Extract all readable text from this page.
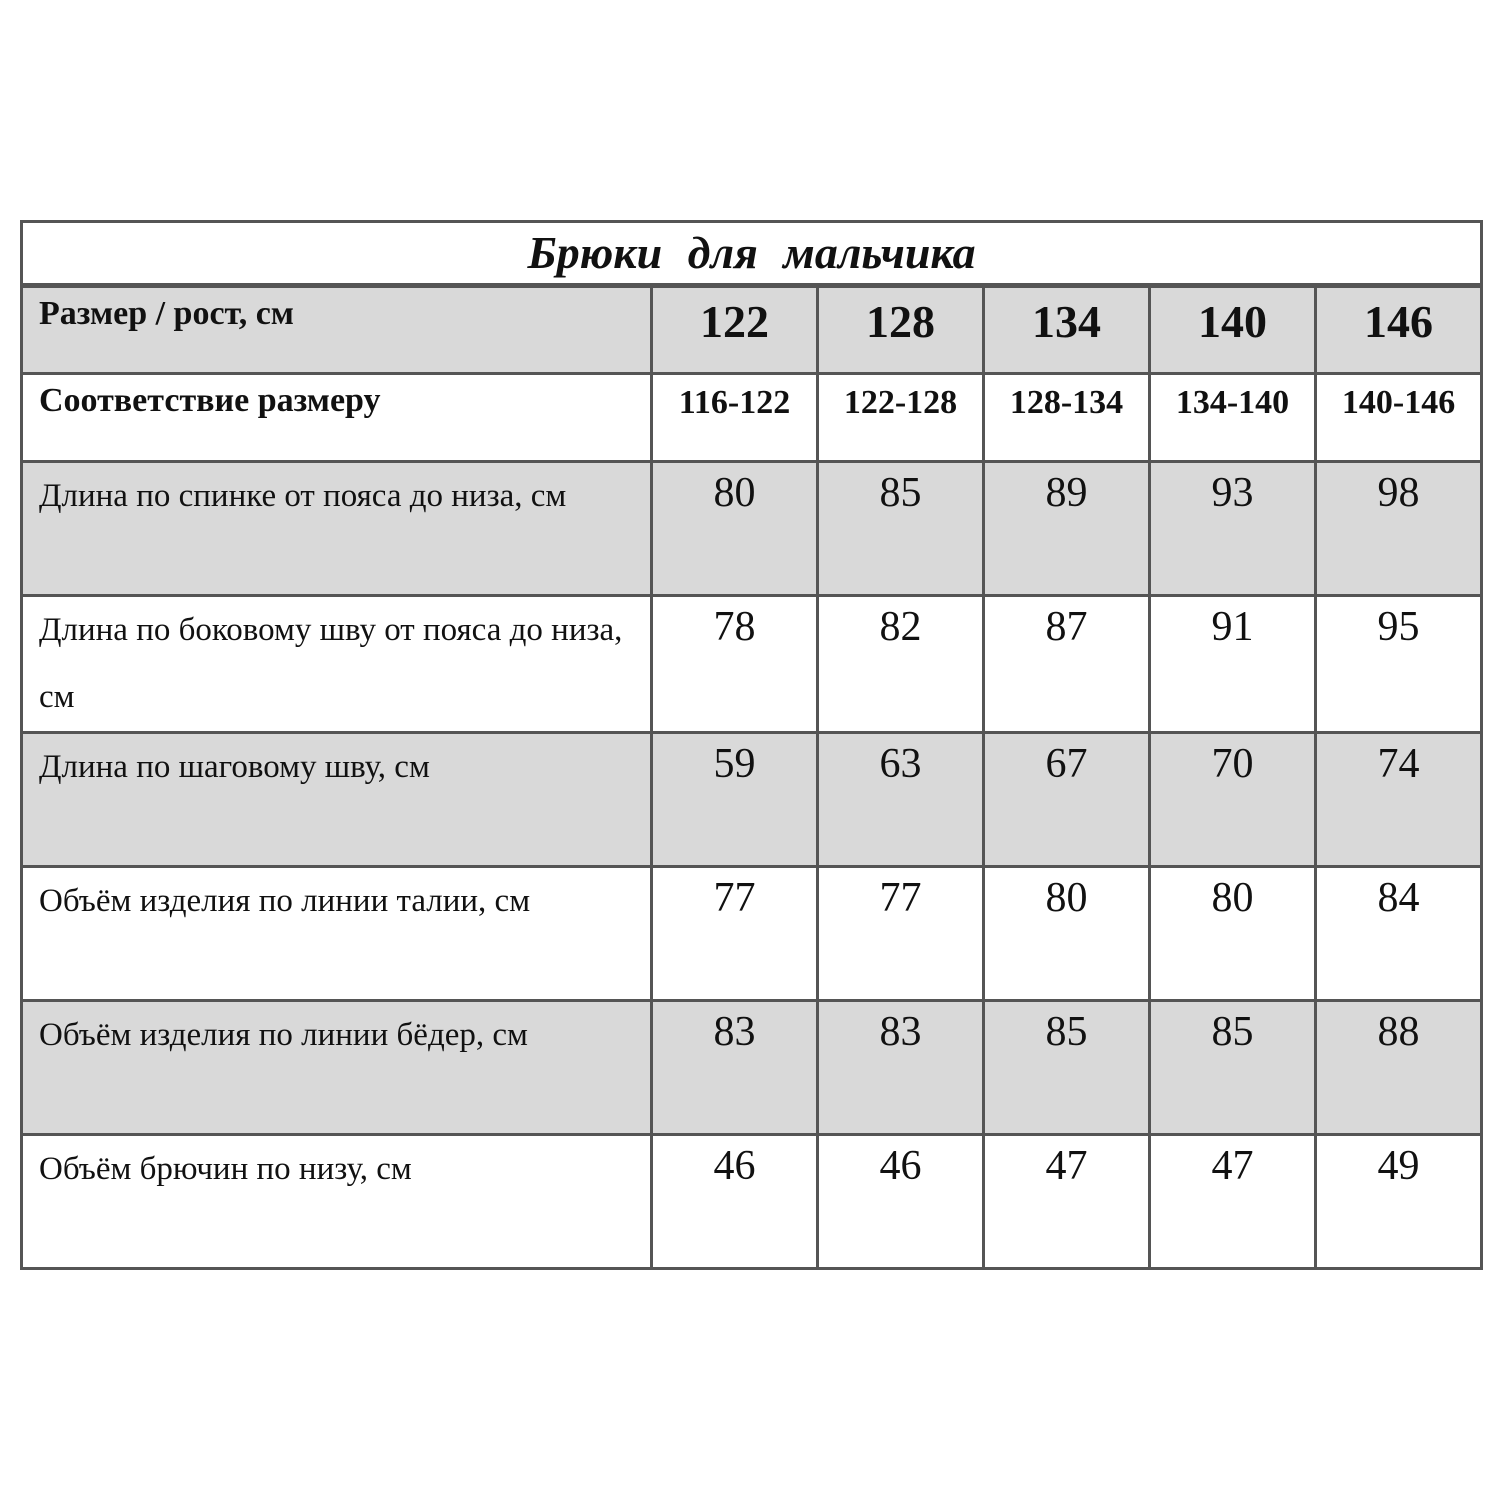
Брюки для мальчика					
Размер / рост, см	122	128	134	140	146
Соответствие размеру	116-122	122-128	128-134	134-140	140-146
Длина по спинке от пояса до низа, см	80	85	89	93	98
Длина по боковому шву от пояса до низа, см	78	82	87	91	95
Длина по шаговому шву, см	59	63	67	70	74
Объём изделия по линии талии, см	77	77	80	80	84
Объём изделия по линии бёдер, см	83	83	85	85	88
Объём брючин по низу, см	46	46	47	47	49
